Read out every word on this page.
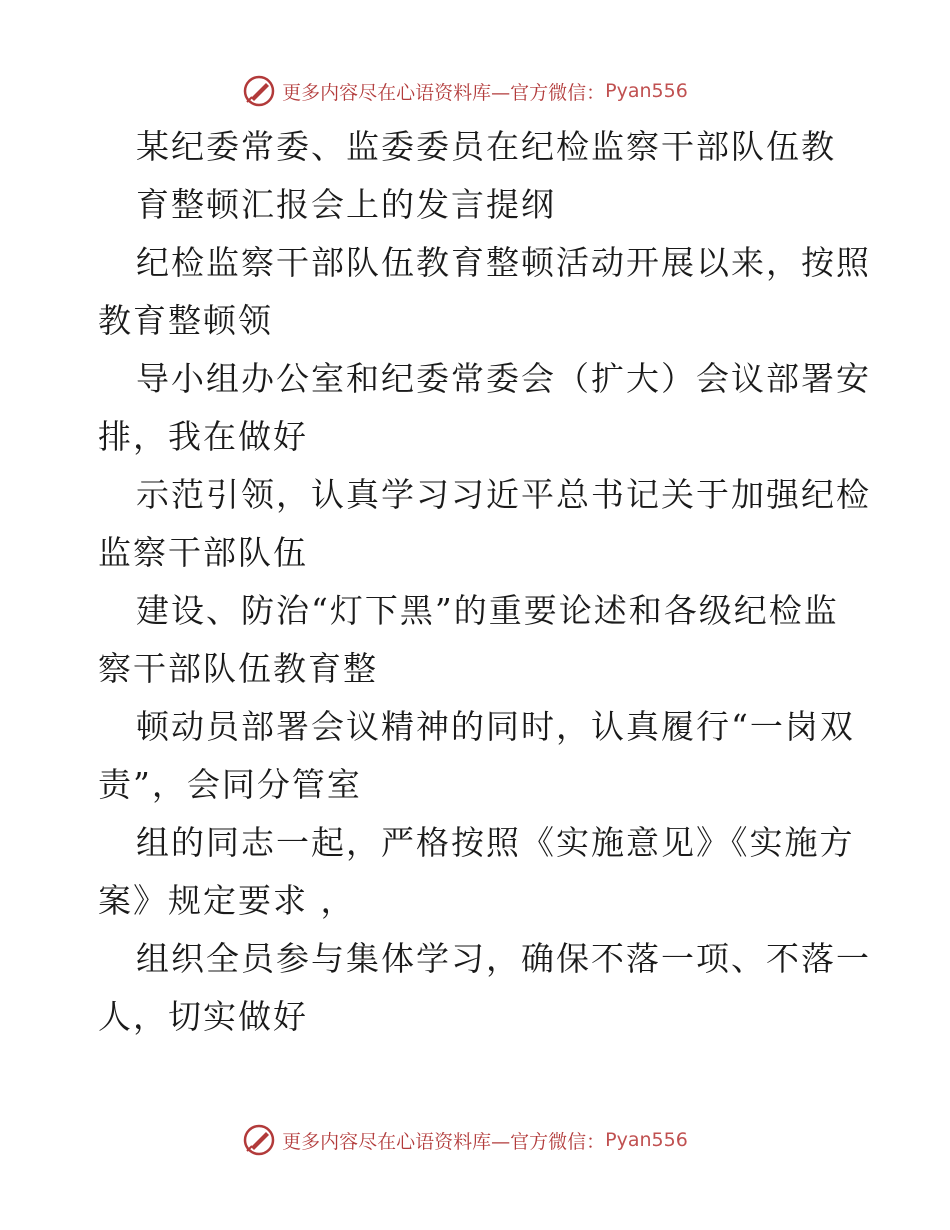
更多内容尽在心语资料库—官方微信： Pyan556
某纪委常委、监委委员在纪检监察干部队伍教
育整顿汇报会上的发言提纲
纪检监察干部队伍教育整顿活动开展以来，按照
教育整顿领
导小组办公室和纪委常委会（扩大）会议部署安
排，我在做好
示范引领，认真学习习近平总书记关于加强纪检
监察干部队伍
建设、防治“灯下黑”的重要论述和各级纪检监
察干部队伍教育整
顿动员部署会议精神的同时，认真履行“一岗双
责”，会同分管室
组的同志一起，严格按照《实施意见》《实施方
案》规定要求 ，
组织全员参与集体学习，确保不落一项、不落一
人，切实做好
更多内容尽在心语资料库—官方微信： Pyan556
